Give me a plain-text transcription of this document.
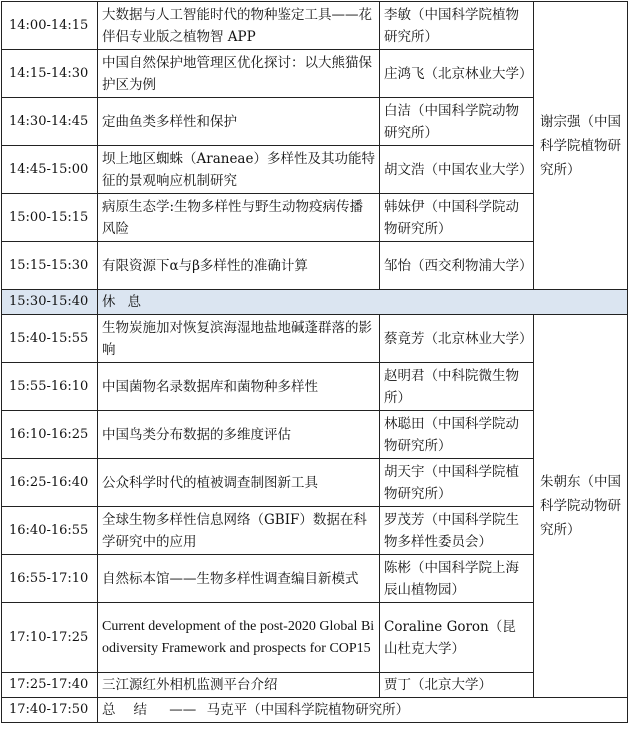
14:00-14:15	大数据与人工智能时代的物种鉴定工具——花伴侣专业版之植物智 APP	李敏（中国科学院植物研究所）	谢宗强（中国科学院植物研究所）
14:15-14:30	中国自然保护地管理区优化探讨：以大熊猫保护区为例	庄鸿飞（北京林业大学）	
14:30-14:45	定曲鱼类多样性和保护	白洁（中国科学院动物研究所）	
14:45-15:00	坝上地区蜘蛛（Araneae）多样性及其功能特征的景观响应机制研究	胡文浩（中国农业大学）	
15:00-15:15	病原生态学:生物多样性与野生动物疫病传播风险	韩妹伊（中国科学院动物研究所）	
15:15-15:30	有限资源下α与β多样性的准确计算	邹怡（西交利物浦大学）	
15:30-15:40	休息		
15:40-15:55	生物炭施加对恢复滨海湿地盐地碱蓬群落的影响	蔡竟芳（北京林业大学）	朱朝东（中国科学院动物研究所）
15:55-16:10	中国菌物名录数据库和菌物种多样性	赵明君（中科院微生物所）	
16:10-16:25	中国鸟类分布数据的多维度评估	林聪田（中国科学院动物研究所）	
16:25-16:40	公众科学时代的植被调查制图新工具	胡天宇（中国科学院植物研究所）	
16:40-16:55	全球生物多样性信息网络（GBIF）数据在科学研究中的应用	罗茂芳（中国科学院生物多样性委员会）	
16:55-17:10	自然标本馆——生物多样性调查编目新模式	陈彬（中国科学院上海辰山植物园）	
17:10-17:25	Current development of the post-2020 Global Biodiversity Framework and prospects for COP15	Coraline Goron（昆山杜克大学）	
17:25-17:40	三江源红外相机监测平台介绍	贾丁（北京大学）	
17:40-17:50	总结 —— 马克平（中国科学院植物研究所）		
